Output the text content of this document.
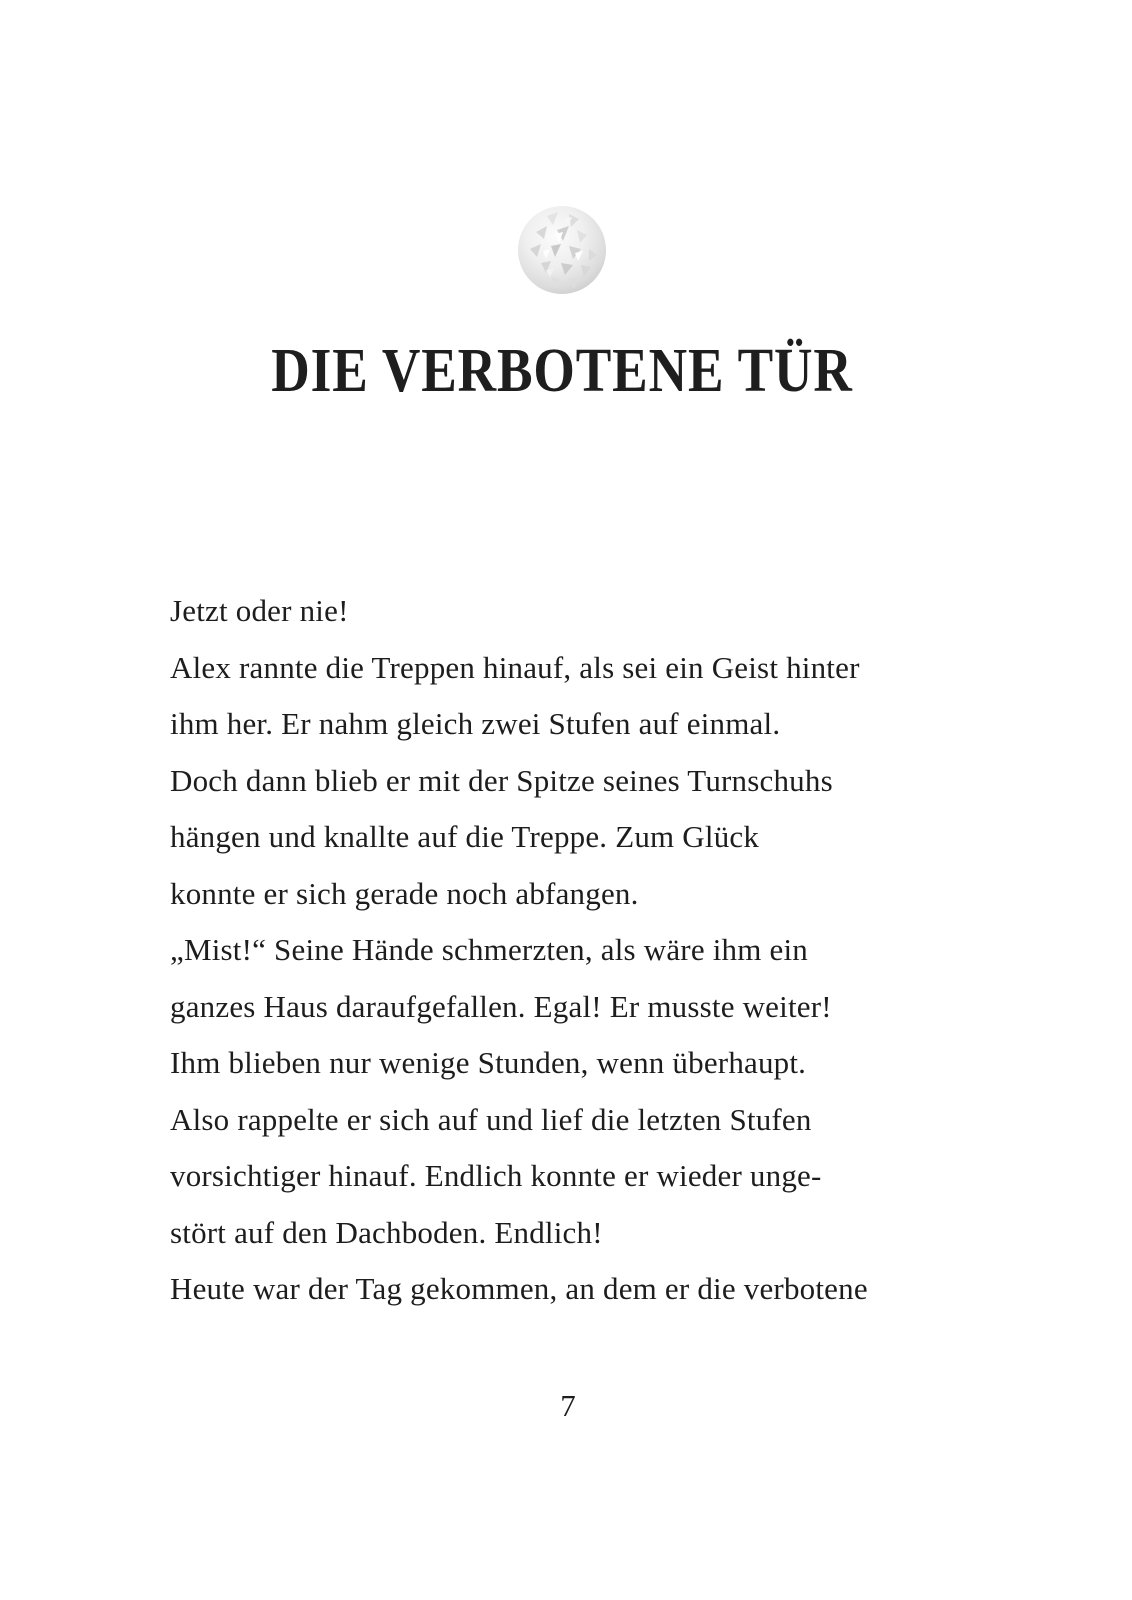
DIE VERBOTENE TÜR
Jetzt oder nie!
Alex rannte die Treppen hinauf, als sei ein Geist hinter
ihm her. Er nahm gleich zwei Stufen auf einmal.
Doch dann blieb er mit der Spitze seines Turnschuhs
hängen und knallte auf die Treppe. Zum Glück
konnte er sich gerade noch abfangen.
„Mist!“ Seine Hände schmerzten, als wäre ihm ein
ganzes Haus daraufgefallen. Egal! Er musste weiter!
Ihm blieben nur wenige Stunden, wenn überhaupt.
Also rappelte er sich auf und lief die letzten Stufen
vorsichtiger hinauf. Endlich konnte er wieder unge-
stört auf den Dachboden. Endlich!
Heute war der Tag gekommen, an dem er die verbotene
7
